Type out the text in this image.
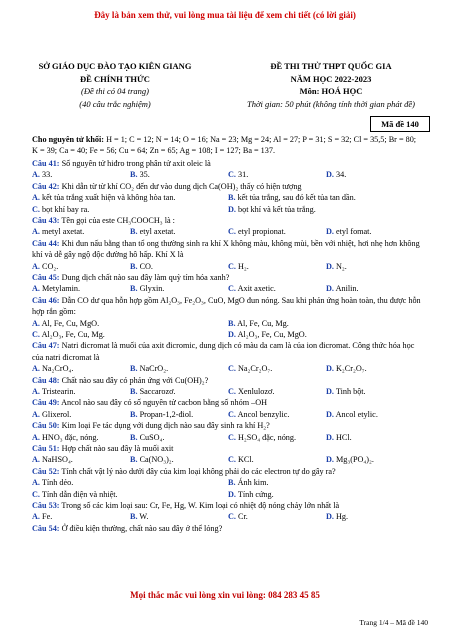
Đây là bản xem thử, vui lòng mua tài liệu để xem chi tiết (có lời giải)
SỞ GIÁO DỤC ĐÀO TẠO KIÊN GIANG
ĐỀ CHÍNH THỨC
(Đề thi có 04 trang)
(40 câu trắc nghiệm)
ĐỀ THI THỬ THPT QUỐC GIA
NĂM HỌC 2022-2023
Môn: HOÁ HỌC
Thời gian: 50 phút (không tính thời gian phát đề)
Mã đề 140
Cho nguyên tử khối: H = 1; C = 12; N = 14; O = 16; Na = 23; Mg = 24; Al = 27; P = 31; S = 32; Cl = 35,5; Br = 80; K = 39; Ca = 40; Fe = 56; Cu = 64; Zn = 65; Ag = 108; I = 127; Ba = 137.
Câu 41: Số nguyên tử hiđro trong phân tử axit oleic là
A. 33.	B. 35.	C. 31.	D. 34.
Câu 42: Khi dẫn từ từ khí CO₂ đến dư vào dung dịch Ca(OH)₂ thấy có hiện tượng
A. kết tủa trắng xuất hiện và không hòa tan.	B. kết tủa trắng, sau đó kết tủa tan dần.
C. bọt khí bay ra.	D. bọt khí và kết tủa trắng.
Câu 43: Tên gọi của este CH₃COOCH₃ là :
A. metyl axetat.	B. etyl axetat.	C. etyl propionat.	D. etyl fomat.
Câu 44: Khi đun nấu bằng than tổ ong thường sinh ra khí X không màu, không mùi, bền với nhiệt, hơi nhẹ hơn không khí và dễ gây ngộ độc đường hô hấp. Khí X là
A. CO₂.	B. CO.	C. H₂.	D. N₂.
Câu 45: Dung dịch chất nào sau đây làm quỳ tím hóa xanh?
A. Metylamin.	B. Glyxin.	C. Axit axetic.	D. Anilin.
Câu 46: Dẫn CO dư qua hỗn hợp gồm Al₂O₃, Fe₂O₃, CuO, MgO đun nóng. Sau khi phản ứng hoàn toàn, thu được hỗn hợp rắn gồm:
A. Al, Fe, Cu, MgO.	B. Al, Fe, Cu, Mg.
C. Al₂O₃, Fe, Cu, Mg.	D. Al₂O₃, Fe, Cu, MgO.
Câu 47: Natri đicromat là muối của axit đicromic, dung dịch có màu da cam là của ion đicromat. Công thức hóa học của natri đicromat là
A. Na₂CrO₄.	B. NaCrO₂.	C. Na₂Cr₂O₇.	D. K₂Cr₂O₇.
Câu 48: Chất nào sau đây có phản ứng với Cu(OH)₂?
A. Tristearin.	B. Saccarozơ.	C. Xenlulozơ.	D. Tinh bột.
Câu 49: Ancol nào sau đây có số nguyên tử cacbon bằng số nhóm –OH
A. Glixerol.	B. Propan-1,2-điol.	C. Ancol benzylic.	D. Ancol etylic.
Câu 50: Kim loại Fe tác dụng với dung dịch nào sau đây sinh ra khí H₂?
A. HNO₃ đặc, nóng.	B. CuSO₄.	C. H₂SO₄ đặc, nóng.	D. HCl.
Câu 51: Hợp chất nào sau đây là muối axit
A. NaHSO₄.	B. Ca(NO₃)₂.	C. KCl.	D. Mg₃(PO₄)₂.
Câu 52: Tính chất vật lý nào dưới đây của kim loại không phải do các electron tự do gây ra?
A. Tính dẻo.	B. Ánh kim.
C. Tính dẫn điện và nhiệt.	D. Tính cứng.
Câu 53: Trong số các kim loại sau: Cr, Fe, Hg, W. Kim loại có nhiệt độ nóng chảy lớn nhất là
A. Fe.	B. W.	C. Cr.	D. Hg.
Câu 54: Ở điều kiện thường, chất nào sau đây ở thể lỏng?
Mọi thắc mắc vui lòng xin vui lòng: 084 283 45 85
Trang 1/4 – Mã đề 140
